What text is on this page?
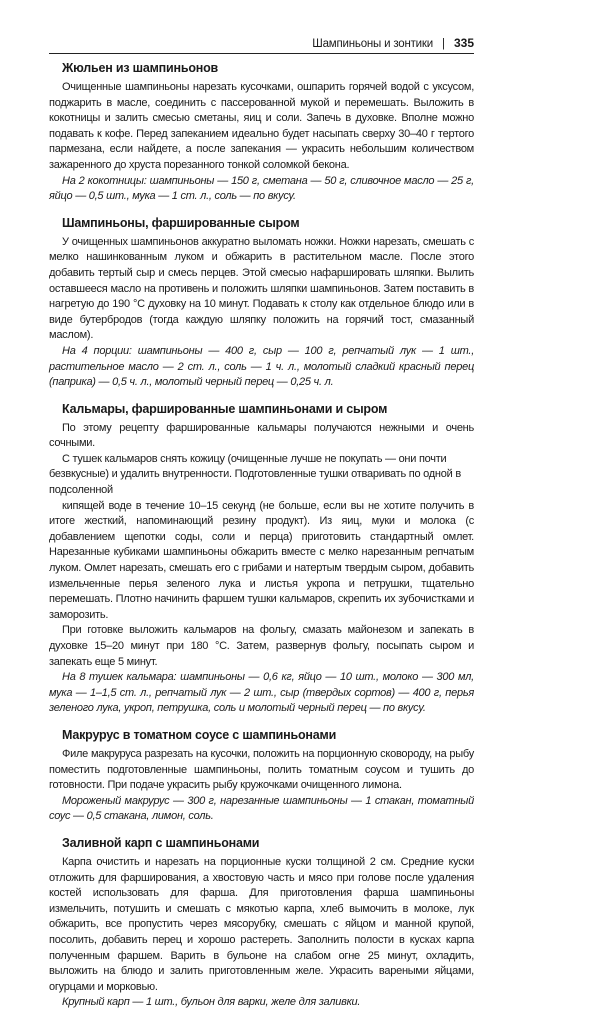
Шампиньоны и зонтики | 335
Жюльен из шампиньонов

Очищенные шампиньоны нарезать кусочками, ошпарить горячей водой с уксусом, поджарить в масле, соединить с пассерованной мукой и перемешать. Выложить в кокотницы и залить смесью сметаны, яиц и соли. Запечь в духовке. Вполне можно подавать к кофе. Перед запеканием идеально будет насыпать сверху 30–40 г тертого пармезана, если найдете, а после запекания — украсить небольшим количеством зажаренного до хруста порезанного тонкой соломкой бекона.

На 2 кокотницы: шампиньоны — 150 г, сметана — 50 г, сливочное масло — 25 г, яйцо — 0,5 шт., мука — 1 ст. л., соль — по вкусу.

Шампиньоны, фаршированные сыром

У очищенных шампиньонов аккуратно выломать ножки. Ножки нарезать, смешать с мелко нашинкованным луком и обжарить в растительном масле. После этого добавить тертый сыр и смесь перцев. Этой смесью нафаршировать шляпки. Вылить оставшееся масло на противень и положить шляпки шампиньонов. Затем поставить в нагретую до 190 °С духовку на 10 минут. Подавать к столу как отдельное блюдо или в виде бутербродов (тогда каждую шляпку положить на горячий тост, смазанный маслом).

На 4 порции: шампиньоны — 400 г, сыр — 100 г, репчатый лук — 1 шт., растительное масло — 2 ст. л., соль — 1 ч. л., молотый сладкий красный перец (паприка) — 0,5 ч. л., молотый черный перец — 0,25 ч. л.

Кальмары, фаршированные шампиньонами и сыром

По этому рецепту фаршированные кальмары получаются нежными и очень сочными.

С тушек кальмаров снять кожицу (очищенные лучше не покупать — они почти безвкусные) и удалить внутренности. Подготовленные тушки отваривать по одной в подсоленной

кипящей воде в течение 10–15 секунд (не больше, если вы не хотите получить в итоге жесткий, напоминающий резину продукт). Из яиц, муки и молока (с добавлением щепотки соды, соли и перца) приготовить стандартный омлет. Нарезанные кубиками шампиньоны обжарить вместе с мелко нарезанным репчатым луком. Омлет нарезать, смешать его с грибами и натертым твердым сыром, добавить измельченные перья зеленого лука и листья укропа и петрушки, тщательно перемешать. Плотно начинить фаршем тушки кальмаров, скрепить их зубочистками и заморозить.

При готовке выложить кальмаров на фольгу, смазать майонезом и запекать в духовке 15–20 минут при 180 °С. Затем, развернув фольгу, посыпать сыром и запекать еще 5 минут.

На 8 тушек кальмара: шампиньоны — 0,6 кг, яйцо — 10 шт., молоко — 300 мл, мука — 1–1,5 ст. л., репчатый лук — 2 шт., сыр (твердых сортов) — 400 г, перья зеленого лука, укроп, петрушка, соль и молотый черный перец — по вкусу.

Макрурус в томатном соусе с шампиньонами

Филе макруруса разрезать на кусочки, положить на порционную сковороду, на рыбу поместить подготовленные шампиньоны, полить томатным соусом и тушить до готовности. При подаче украсить рыбу кружочками очищенного лимона.

Мороженый макрурус — 300 г, нарезанные шампиньоны — 1 стакан, томатный соус — 0,5 стакана, лимон, соль.

Заливной карп с шампиньонами

Карпа очистить и нарезать на порционные куски толщиной 2 см. Средние куски отложить для фарширования, а хвостовую часть и мясо при голове после удаления костей использовать для фарша. Для приготовления фарша шампиньоны измельчить, потушить и смешать с мякотью карпа, хлеб вымочить в молоке, лук обжарить, все пропустить через мясорубку, смешать с яйцом и манной крупой, посолить, добавить перец и хорошо растереть. Заполнить полости в кусках карпа полученным фаршем. Варить в бульоне на слабом огне 25 минут, охладить, выложить на блюдо и залить приготовленным желе. Украсить вареными яйцами, огурцами и морковью.

Крупный карп — 1 шт., бульон для варки, желе для заливки.
